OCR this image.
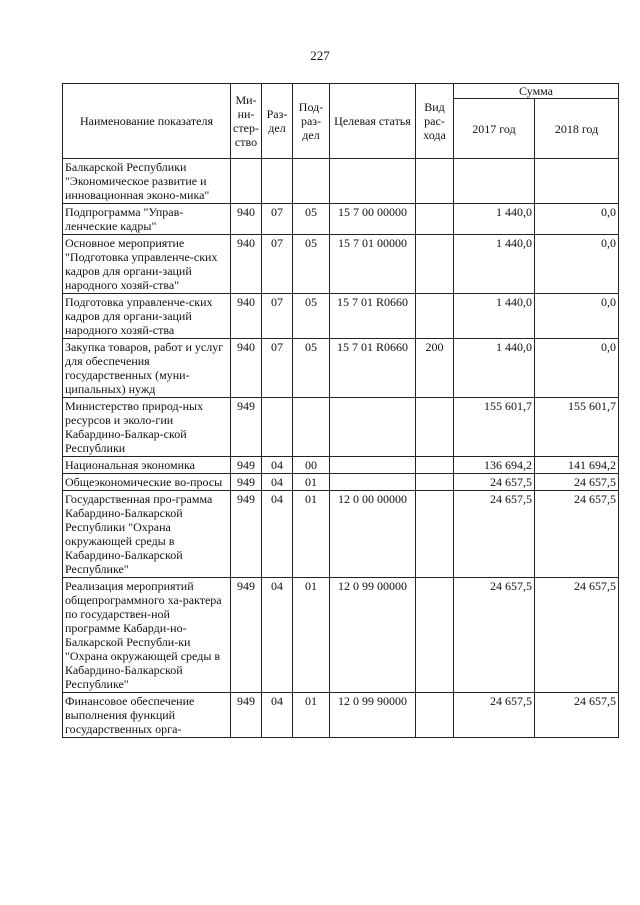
227
Наименование показателя	Ми-ни-стер-ство	Раз-дел	Под-раз-дел	Целевая статья	Вид рас-хода	Сумма	
						2017 год	2018 год
Балкарской Республики "Экономическое развитие и инновационная эконо-мика"							
Подпрограмма "Управ-ленческие кадры"	940	07	05	15 7 00 00000		1 440,0	0,0
Основное мероприятие "Подготовка управленче-ских кадров для органи-заций народного хозяй-ства"	940	07	05	15 7 01 00000		1 440,0	0,0
Подготовка управленче-ских кадров для органи-заций народного хозяй-ства	940	07	05	15 7 01 R0660		1 440,0	0,0
Закупка товаров, работ и услуг для обеспечения государственных (муни-ципальных) нужд	940	07	05	15 7 01 R0660	200	1 440,0	0,0
Министерство природ-ных ресурсов и эколо-гии Кабардино-Балкар-ской Республики	949					155 601,7	155 601,7
Национальная экономика	949	04	00			136 694,2	141 694,2
Общеэкономические во-просы	949	04	01			24 657,5	24 657,5
Государственная про-грамма Кабардино-Балкарской Республики "Охрана окружающей среды в Кабардино-Балкарской Республике"	949	04	01	12 0 00 00000		24 657,5	24 657,5
Реализация мероприятий общепрограммного ха-рактера по государствен-ной программе Кабарди-но-Балкарской Республи-ки "Охрана окружающей среды в Кабардино-Балкарской Республике"	949	04	01	12 0 99 00000		24 657,5	24 657,5
Финансовое обеспечение выполнения функций государственных орга-	949	04	01	12 0 99 90000		24 657,5	24 657,5
